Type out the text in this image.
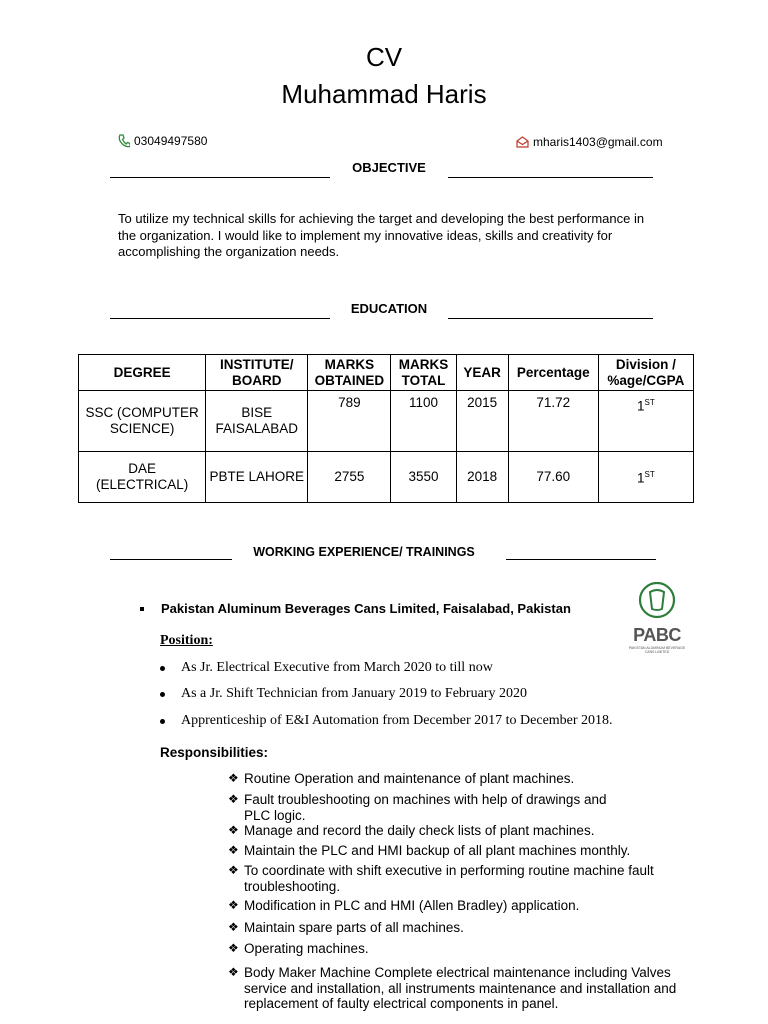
CV
Muhammad Haris
03049497580	mharis1403@gmail.com
OBJECTIVE
To utilize my technical skills for achieving the target and developing the best performance in the organization. I would like to implement my innovative ideas, skills and creativity for accomplishing the organization needs.
EDUCATION
DEGREE	INSTITUTE/ BOARD	MARKS OBTAINED	MARKS TOTAL	YEAR	Percentage	Division / %age/CGPA
SSC (COMPUTER SCIENCE)	BISE FAISALABAD	789	1100	2015	71.72	1ST
DAE (ELECTRICAL)	PBTE LAHORE	2755	3550	2018	77.60	1ST
WORKING EXPERIENCE/ TRAININGS
Pakistan Aluminum Beverages Cans Limited, Faisalabad, Pakistan
PABC
PAKISTAN ALUMINUM BEVERAGE CANS LIMITED
Position:
As Jr. Electrical Executive from March 2020 to till now
As a Jr. Shift Technician from January 2019 to February 2020
Apprenticeship of E&I Automation from December 2017 to December 2018.
Responsibilities:
❖ Routine Operation and maintenance of plant machines.
❖ Fault troubleshooting on machines with help of drawings and PLC logic.
❖ Manage and record the daily check lists of plant machines.
❖ Maintain the PLC and HMI backup of all plant machines monthly.
❖ To coordinate with shift executive in performing routine machine fault troubleshooting.
❖ Modification in PLC and HMI (Allen Bradley) application.
❖ Maintain spare parts of all machines.
❖ Operating machines.
❖ Body Maker Machine Complete electrical maintenance including Valves service and installation, all instruments maintenance and installation and replacement of faulty electrical components in panel.
